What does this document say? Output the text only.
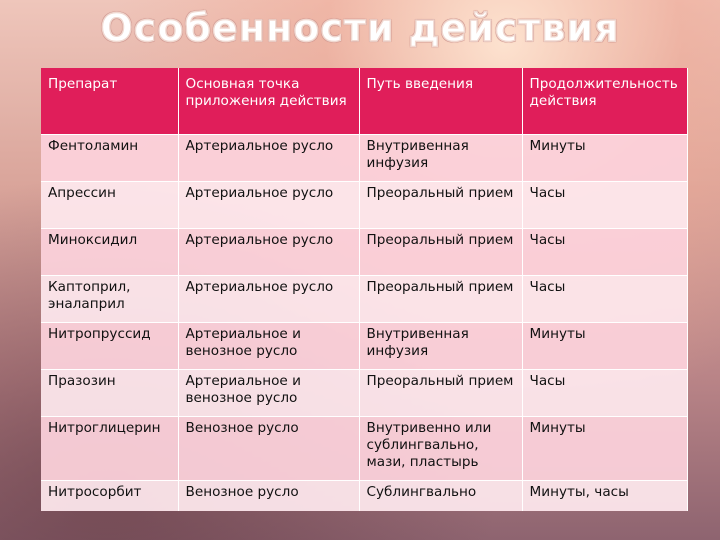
Особенности действия
Препарат	Основная точка приложения действия	Путь введения	Продолжительность действия
Фентоламин	Артериальное русло	Внутривенная инфузия	Минуты
Апрессин	Артериальное русло	Преоральный прием	Часы
Миноксидил	Артериальное русло	Преоральный прием	Часы
Каптоприл, эналаприл	Артериальное русло	Преоральный прием	Часы
Нитропруссид	Артериальное и венозное русло	Внутривенная инфузия	Минуты
Празозин	Артериальное и венозное русло	Преоральный прием	Часы
Нитроглицерин	Венозное русло	Внутривенно или сублингвально, мази, пластырь	Минуты
Нитросорбит	Венозное русло	Сублингвально	Минуты, часы
